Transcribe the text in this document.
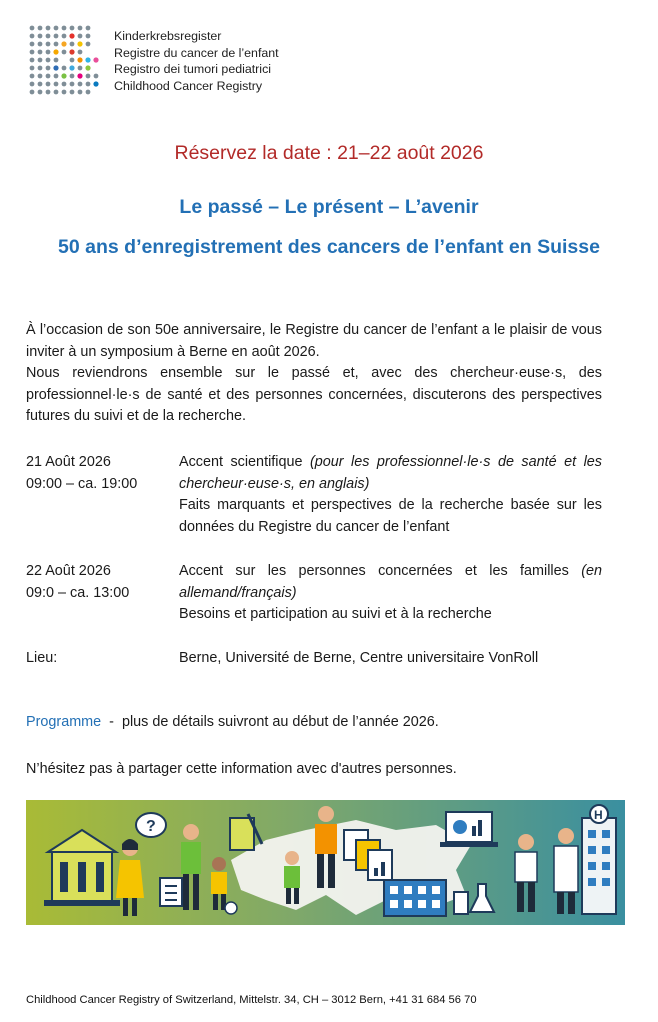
Kinderkrebsregister
Registre du cancer de l’enfant
Registro dei tumori pediatrici
Childhood Cancer Registry
Réservez la date : 21–22 août 2026
Le passé – Le présent – L’avenir
50 ans d’enregistrement des cancers de l’enfant en Suisse

À l’occasion de son 50e anniversaire, le Registre du cancer de l’enfant a le plaisir de vous inviter à un symposium à Berne en août 2026.

Nous reviendrons ensemble sur le passé et, avec des chercheur·euse·s, des professionnel·le·s de santé et des personnes concernées, discuterons des perspectives futures du suivi et de la recherche.

21 Août 2026
09:00 – ca. 19:00
Accent scientifique (pour les professionnel·le·s de santé et les chercheur·euse·s, en anglais)
Faits marquants et perspectives de la recherche basée sur les données du Registre du cancer de l’enfant
22 Août 2026
09:0 – ca. 13:00
Accent sur les personnes concernées et les familles (en allemand/français)
Besoins et participation au suivi et à la recherche
Lieu:	Berne, Université de Berne, Centre universitaire VonRoll
Programme  -  plus de détails suivront au début de l’année 2026.
N’hésitez pas à partager cette information avec d'autres personnes.
?
H
Childhood Cancer Registry of Switzerland, Mittelstr. 34, CH – 3012 Bern, +41 31 684 56 70
